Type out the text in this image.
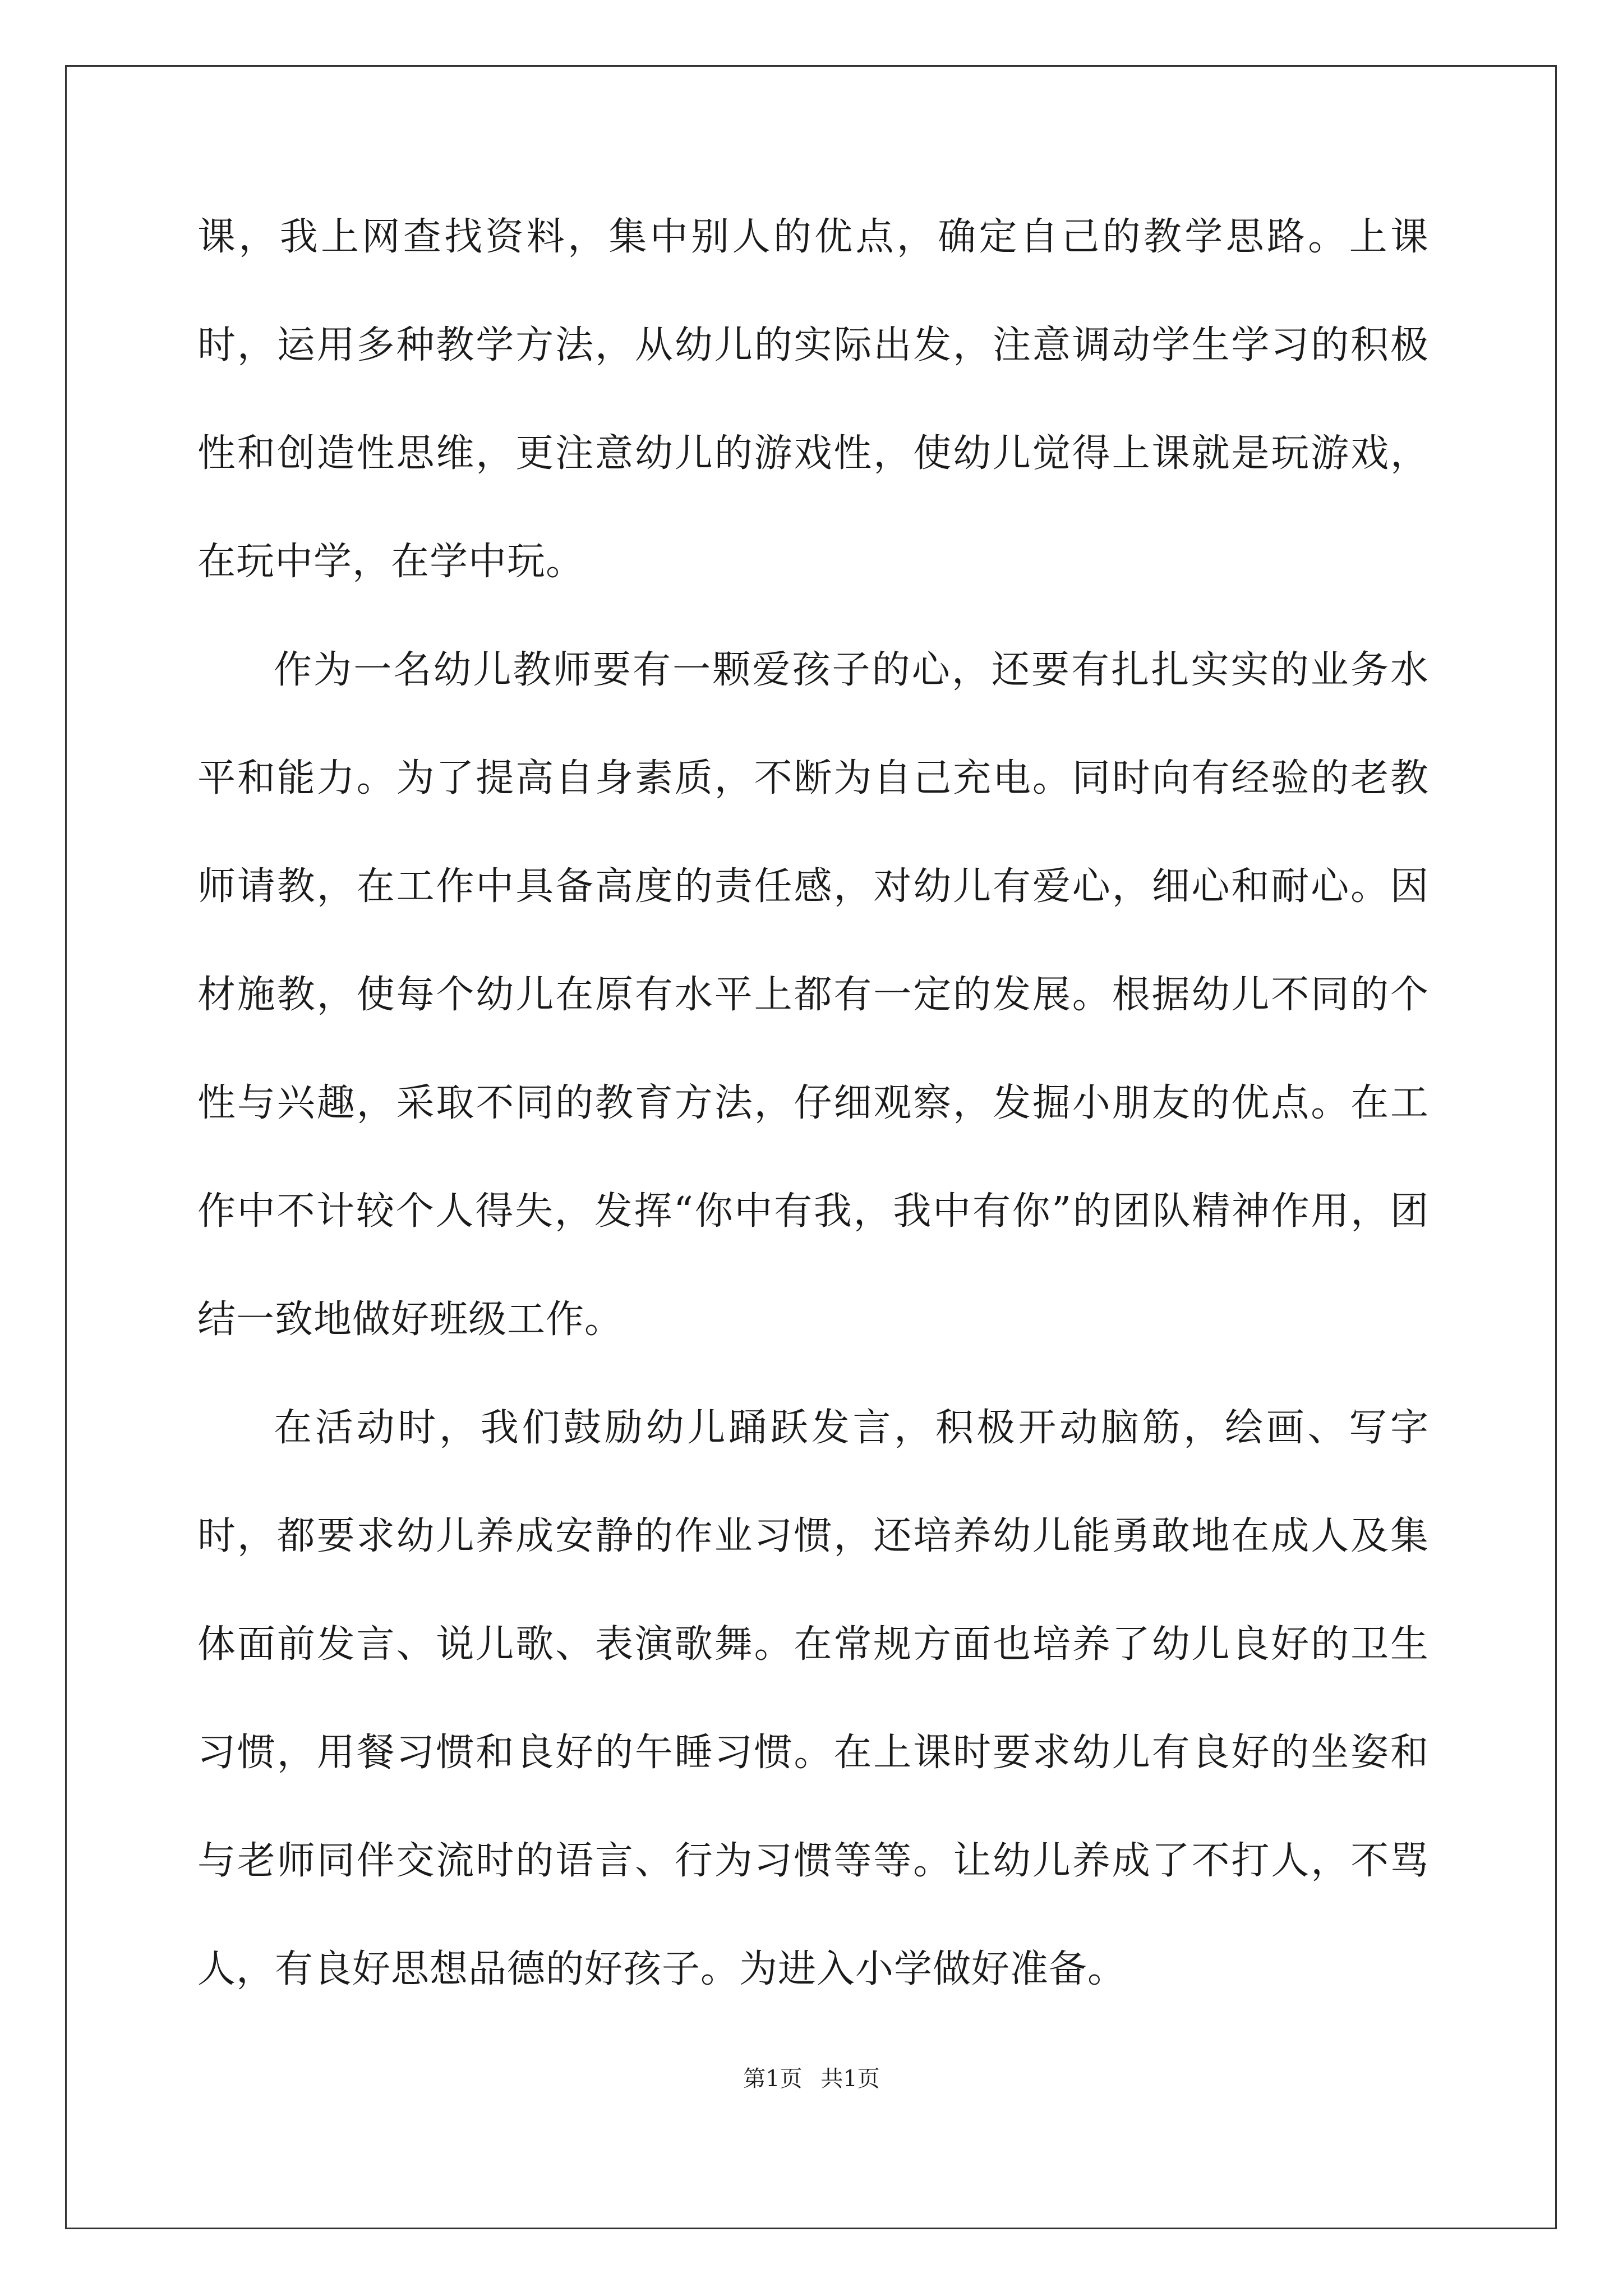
课，我上网查找资料，集中别人的优点，确定自己的教学思路。上课时，运用多种教学方法，从幼儿的实际出发，注意调动学生学习的积极性和创造性思维，更注意幼儿的游戏性，使幼儿觉得上课就是玩游戏，在玩中学，在学中玩。

作为一名幼儿教师要有一颗爱孩子的心，还要有扎扎实实的业务水平和能力。为了提高自身素质，不断为自己充电。同时向有经验的老教师请教，在工作中具备高度的责任感，对幼儿有爱心，细心和耐心。因材施教，使每个幼儿在原有水平上都有一定的发展。根据幼儿不同的个性与兴趣，采取不同的教育方法，仔细观察，发掘小朋友的优点。在工作中不计较个人得失，发挥“你中有我，我中有你”的团队精神作用，团结一致地做好班级工作。

在活动时，我们鼓励幼儿踊跃发言，积极开动脑筋，绘画、写字时，都要求幼儿养成安静的作业习惯，还培养幼儿能勇敢地在成人及集体面前发言、说儿歌、表演歌舞。在常规方面也培养了幼儿良好的卫生习惯，用餐习惯和良好的午睡习惯。在上课时要求幼儿有良好的坐姿和与老师同伴交流时的语言、行为习惯等等。让幼儿养成了不打人，不骂人，有良好思想品德的好孩子。为进入小学做好准备。

第1页 共1页
